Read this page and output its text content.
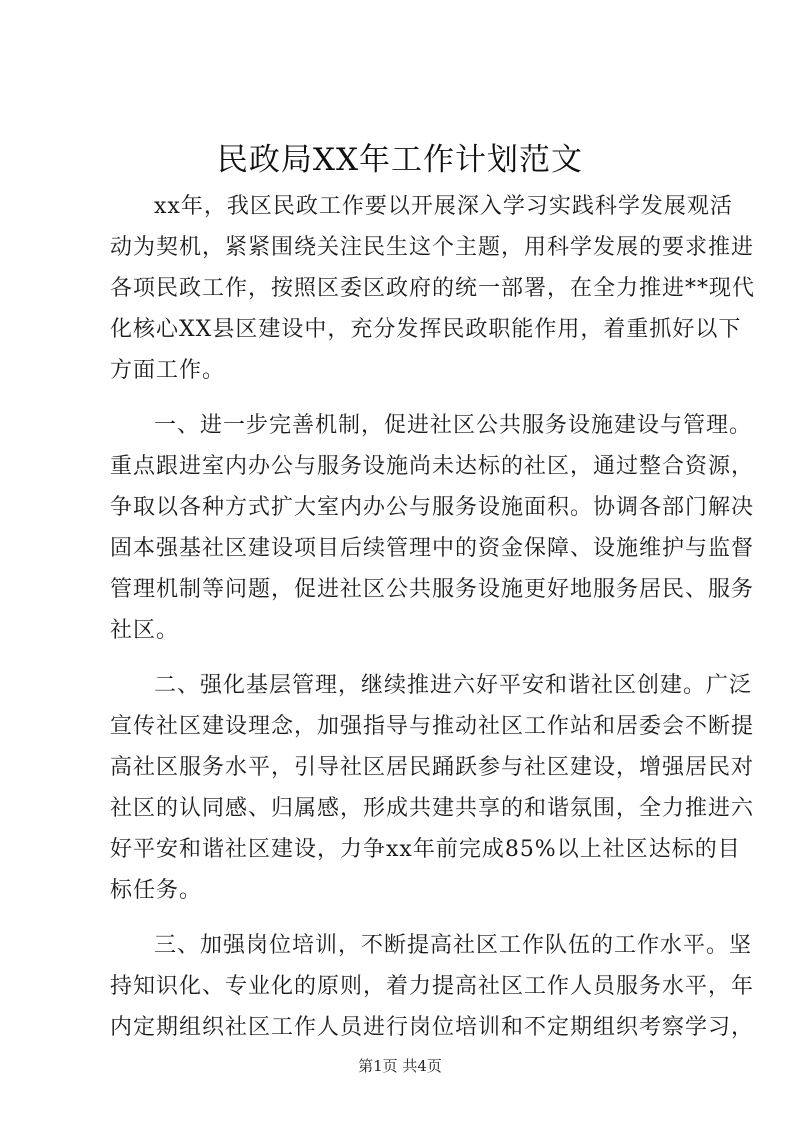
民政局XX年工作计划范文
xx年，我区民政工作要以开展深入学习实践科学发展观活
动为契机，紧紧围绕关注民生这个主题，用科学发展的要求推进
各项民政工作，按照区委区政府的统一部署，在全力推进**现代
化核心XX县区建设中，充分发挥民政职能作用，着重抓好以下
方面工作。
一、进一步完善机制，促进社区公共服务设施建设与管理。
重点跟进室内办公与服务设施尚未达标的社区，通过整合资源，
争取以各种方式扩大室内办公与服务设施面积。协调各部门解决
固本强基社区建设项目后续管理中的资金保障、设施维护与监督
管理机制等问题，促进社区公共服务设施更好地服务居民、服务
社区。
二、强化基层管理，继续推进六好平安和谐社区创建。广泛
宣传社区建设理念，加强指导与推动社区工作站和居委会不断提
高社区服务水平，引导社区居民踊跃参与社区建设，增强居民对
社区的认同感、归属感，形成共建共享的和谐氛围，全力推进六
好平安和谐社区建设，力争xx年前完成85%以上社区达标的目
标任务。
三、加强岗位培训，不断提高社区工作队伍的工作水平。坚
持知识化、专业化的原则，着力提高社区工作人员服务水平，年
内定期组织社区工作人员进行岗位培训和不定期组织考察学习，
第1页 共4页
